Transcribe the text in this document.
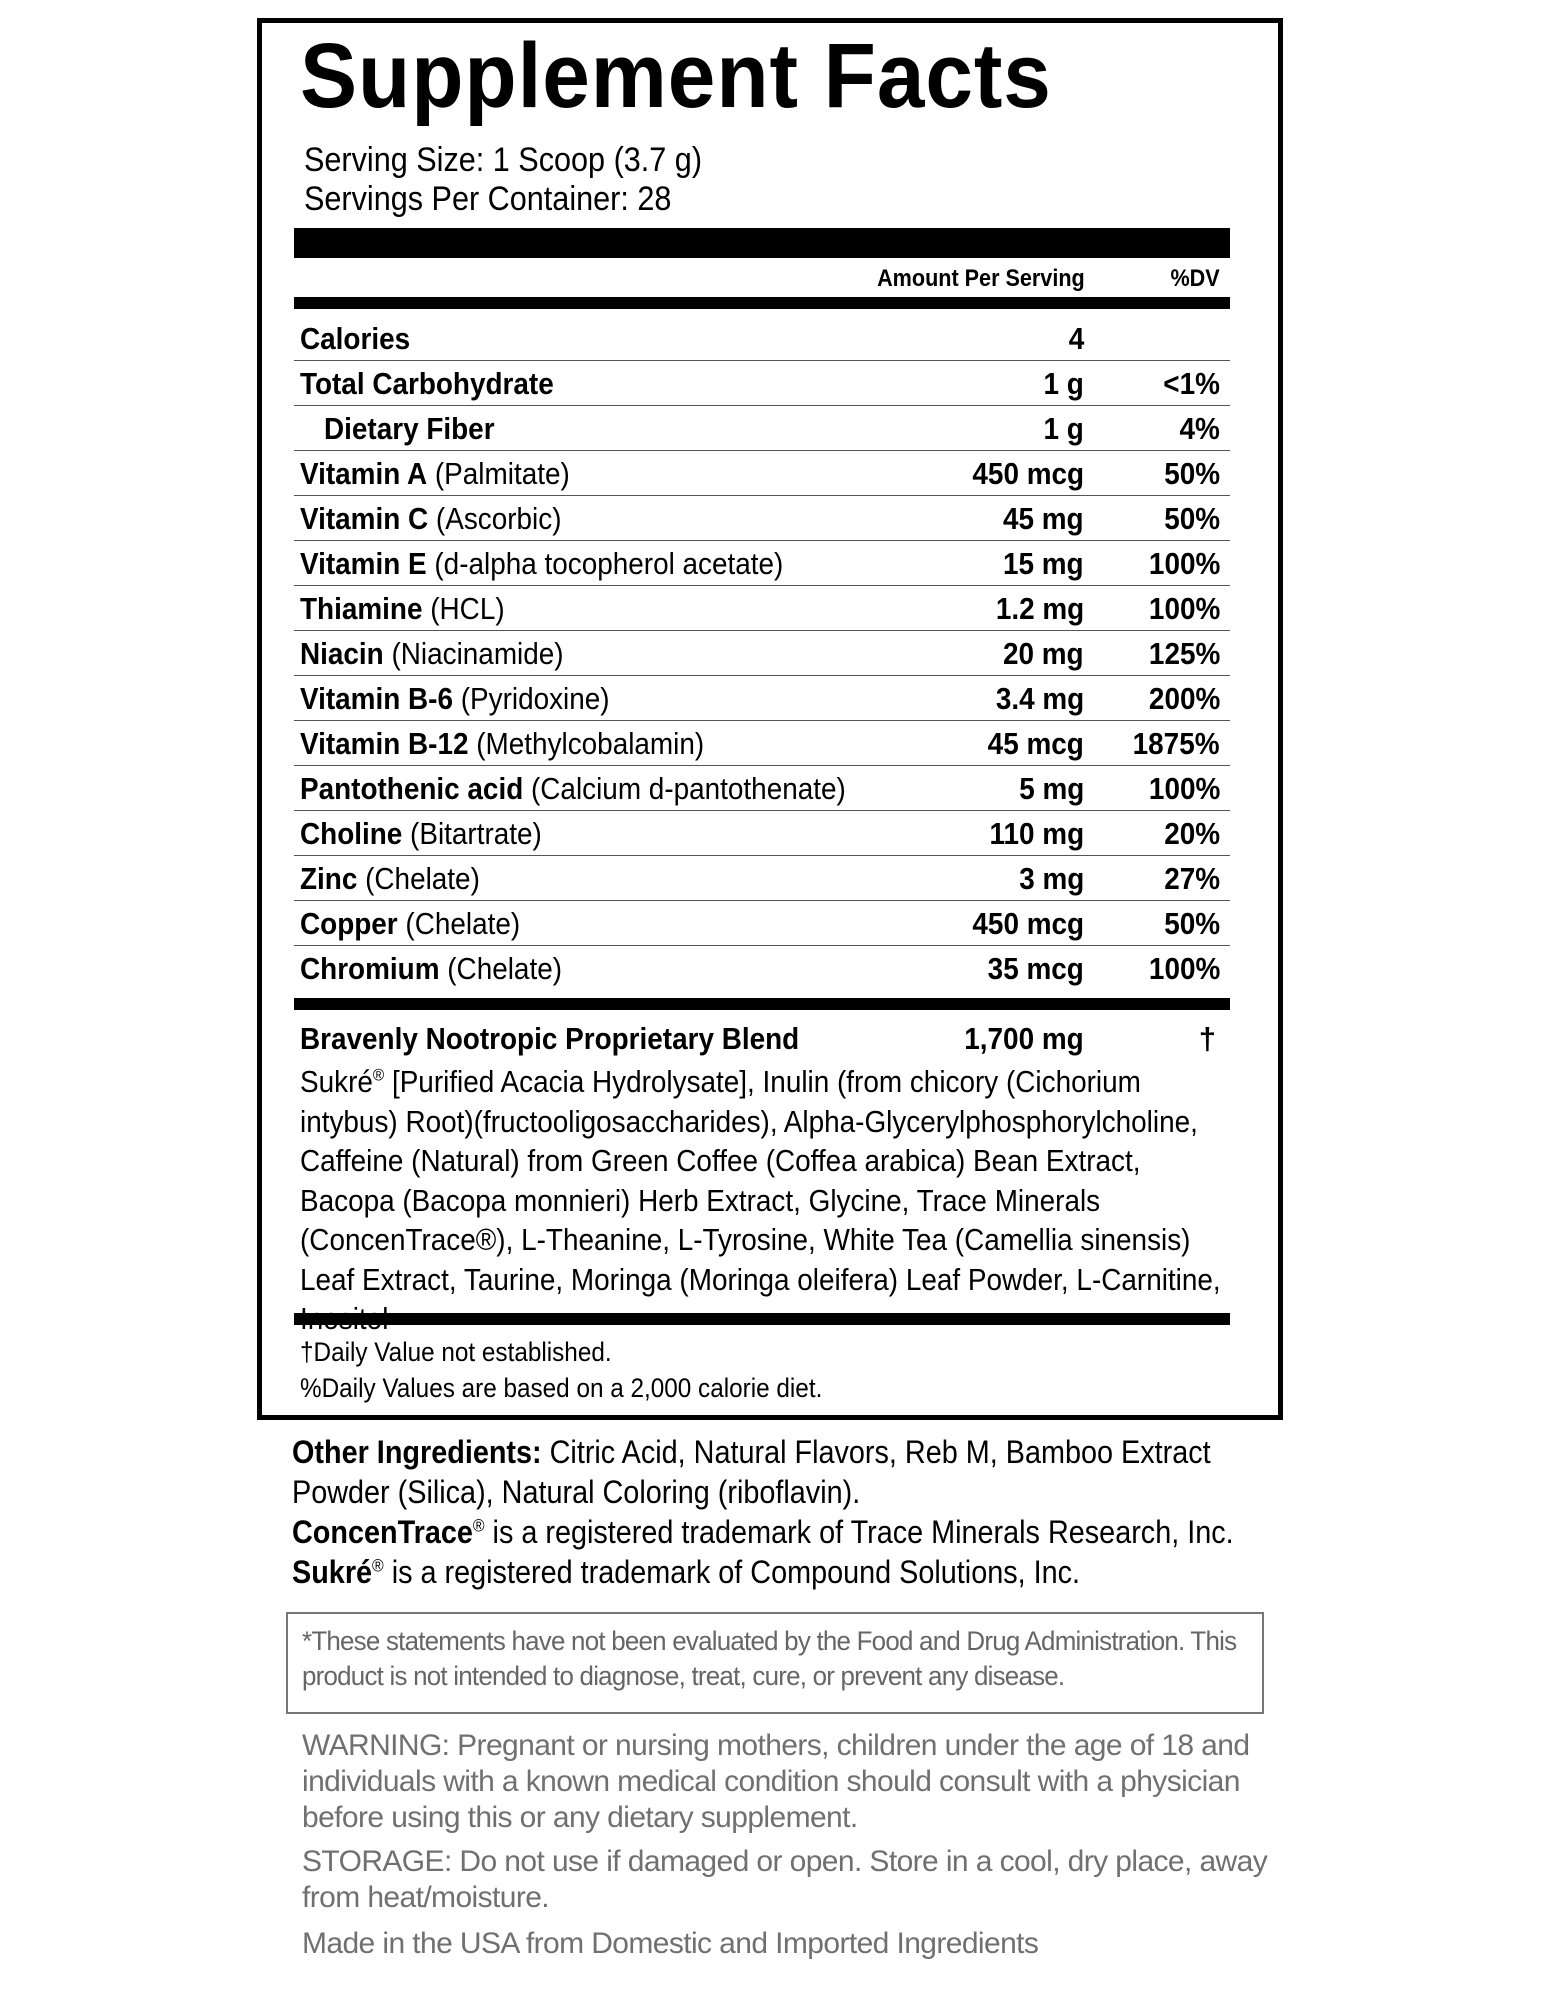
Supplement Facts
Serving Size: 1 Scoop (3.7 g)
Servings Per Container: 28
Amount Per Serving	%DV
Calories	4
Total Carbohydrate	1 g	<1%
Dietary Fiber	1 g	4%
Vitamin A (Palmitate)	450 mcg	50%
Vitamin C (Ascorbic)	45 mg	50%
Vitamin E (d-alpha tocopherol acetate)	15 mg 100%
Thiamine (HCL)	1.2 mg 100%
Niacin (Niacinamide)	20 mg 125%
Vitamin B-6 (Pyridoxine)	3.4 mg 200%
Vitamin B-12 (Methylcobalamin)	45 mcg 1875%
Pantothenic acid (Calcium d-pantothenate)	5 mg 100%
Choline (Bitartrate)	110 mg	20%
Zinc (Chelate)	3 mg	27%
Copper (Chelate)	450 mcg	50%
Chromium (Chelate)	35 mcg 100%
Bravenly Nootropic Proprietary Blend	1,700 mg	†

Sukré® [Purified Acacia Hydrolysate], Inulin (from chicory (Cichorium intybus) Root)(fructooligosaccharides), Alpha-Glycerylphosphorylcholine, Caffeine (Natural) from Green Coffee (Coffea arabica) Bean Extract, Bacopa (Bacopa monnieri) Herb Extract, Glycine, Trace Minerals (ConcenTrace®), L-Theanine, L-Tyrosine, White Tea (Camellia sinensis) Leaf Extract, Taurine, Moringa (Moringa oleifera) Leaf Powder, L-Carnitine,

†Daily Value not established.

%Daily Values are based on a 2,000 calorie diet.

Other Ingredients: Citric Acid, Natural Flavors, Reb M, Bamboo Extract Powder (Silica), Natural Coloring (riboflavin).

ConcenTrace® is a registered trademark of Trace Minerals Research, Inc.

Sukré® is a registered trademark of Compound Solutions, Inc.

*These statements have not been evaluated by the Food and Drug Administration. This product is not intended to diagnose, treat, cure, or prevent any disease.

WARNING: Pregnant or nursing mothers, children under the age of 18 and individuals with a known medical condition should consult with a physician before using this or any dietary supplement.

STORAGE: Do not use if damaged or open. Store in a cool, dry place, away from heat/moisture.

Made in the USA from Domestic and Imported Ingredients
